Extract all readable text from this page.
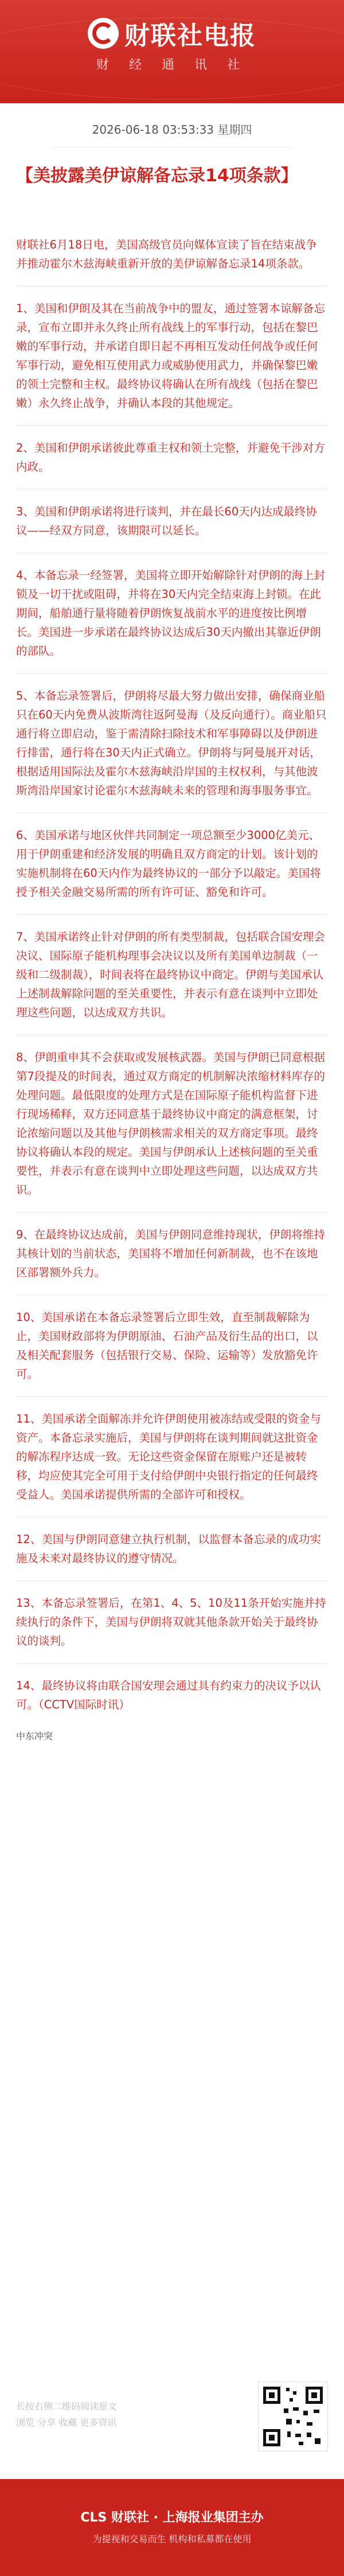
财联社电报
财 经 通 讯 社
2026-06-18 03:53:33 星期四
【美披露美伊谅解备忘录14项条款】

财联社6月18日电，美国高级官员向媒体宣读了旨在结束战争并推动霍尔木兹海峡重新开放的美伊谅解备忘录14项条款。

1、美国和伊朗及其在当前战争中的盟友，通过签署本谅解备忘录，宣布立即并永久终止所有战线上的军事行动，包括在黎巴嫩的军事行动，并承诺自即日起不再相互发动任何战争或任何军事行动，避免相互使用武力或威胁使用武力，并确保黎巴嫩的领土完整和主权。最终协议将确认在所有战线（包括在黎巴嫩）永久终止战争，并确认本段的其他规定。

2、美国和伊朗承诺彼此尊重主权和领土完整，并避免干涉对方内政。

3、美国和伊朗承诺将进行谈判，并在最长60天内达成最终协议——经双方同意，该期限可以延长。

4、本备忘录一经签署，美国将立即开始解除针对伊朗的海上封锁及一切干扰或阻碍，并将在30天内完全结束海上封锁。在此期间，船舶通行量将随着伊朗恢复战前水平的进度按比例增长。美国进一步承诺在最终协议达成后30天内撤出其靠近伊朗的部队。

5、本备忘录签署后，伊朗将尽最大努力做出安排，确保商业船只在60天内免费从波斯湾往返阿曼海（及反向通行）。商业船只通行将立即启动，鉴于需清除扫除技术和军事障碍以及伊朗进行排雷，通行将在30天内正式确立。伊朗将与阿曼展开对话，根据适用国际法及霍尔木兹海峡沿岸国的主权权利，与其他波斯湾沿岸国家讨论霍尔木兹海峡未来的管理和海事服务事宜。

6、美国承诺与地区伙伴共同制定一项总额至少3000亿美元、用于伊朗重建和经济发展的明确且双方商定的计划。该计划的实施机制将在60天内作为最终协议的一部分予以敲定。美国将授予相关金融交易所需的所有许可证、豁免和许可。

7、美国承诺终止针对伊朗的所有类型制裁，包括联合国安理会决议、国际原子能机构理事会决议以及所有美国单边制裁（一级和二级制裁），时间表将在最终协议中商定。伊朗与美国承认上述制裁解除问题的至关重要性，并表示有意在谈判中立即处理这些问题，以达成双方共识。

8、伊朗重申其不会获取或发展核武器。美国与伊朗已同意根据第7段提及的时间表，通过双方商定的机制解决浓缩材料库存的处理问题。最低限度的处理方式是在国际原子能机构监督下进行现场稀释，双方还同意基于最终协议中商定的满意框架，讨论浓缩问题以及其他与伊朗核需求相关的双方商定事项。最终协议将确认本段的规定。美国与伊朗承认上述核问题的至关重要性，并表示有意在谈判中立即处理这些问题，以达成双方共识。

9、在最终协议达成前，美国与伊朗同意维持现状，伊朗将维持其核计划的当前状态，美国将不增加任何新制裁，也不在该地区部署额外兵力。

10、美国承诺在本备忘录签署后立即生效，直至制裁解除为止，美国财政部将为伊朗原油、石油产品及衍生品的出口，以及相关配套服务（包括银行交易、保险、运输等）发放豁免许可。

11、美国承诺全面解冻并允许伊朗使用被冻结或受限的资金与资产。本备忘录实施后，美国与伊朗将在谈判期间就这批资金的解冻程序达成一致。无论这些资金保留在原账户还是被转移，均应使其完全可用于支付给伊朗中央银行指定的任何最终受益人。美国承诺提供所需的全部许可和授权。

12、美国与伊朗同意建立执行机制，以监督本备忘录的成功实施及未来对最终协议的遵守情况。

13、本备忘录签署后，在第1、4、5、10及11条开始实施并持续执行的条件下，美国与伊朗将双就其他条款开始关于最终协议的谈判。

14、最终协议将由联合国安理会通过具有约束力的决议予以认可。（CCTV国际时讯）

中东冲突
长按右侧二维码阅读原文
浏览 分享 收藏 更多资讯
CLS 财联社 · 上海报业集团主办
为提视和交易而生 机构和私募都在使用
